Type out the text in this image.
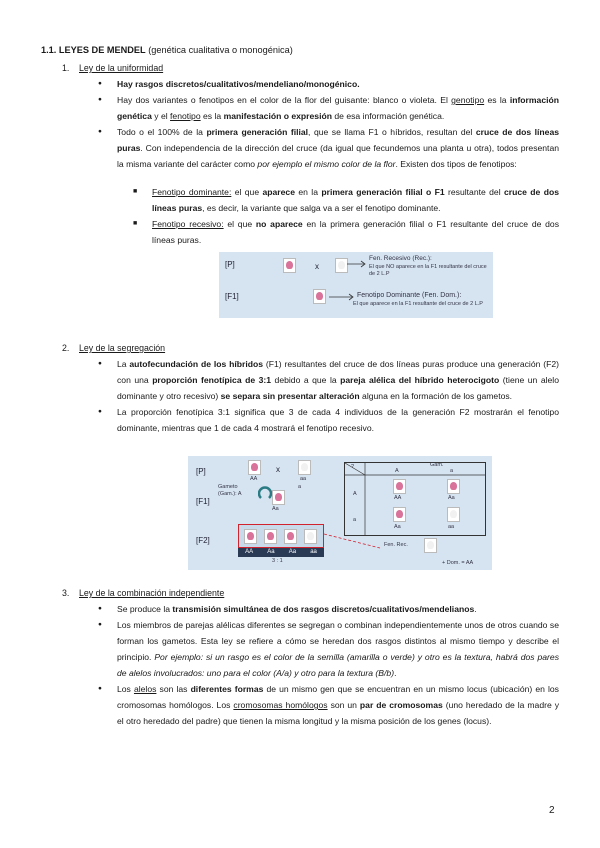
1.1. LEYES DE MENDEL (genética cualitativa o monogénica)
1. Ley de la uniformidad
● Hay rasgos discretos/cualitativos/mendeliano/monogénico.
● Hay dos variantes o fenotipos en el color de la flor del guisante: blanco o violeta. El genotipo es la información genética y el fenotipo es la manifestación o expresión de esa información genética.
● Todo o el 100% de la primera generación filial, que se llama F1 o híbridos, resultan del cruce de dos líneas puras. Con independencia de la dirección del cruce (da igual que fecundemos una planta u otra), todos presentan la misma variante del carácter como por ejemplo el mismo color de la flor. Existen dos tipos de fenotipos:
■ Fenotipo dominante: el que aparece en la primera generación filial o F1 resultante del cruce de dos líneas puras, es decir, la variante que salga va a ser el fenotipo dominante.
■ Fenotipo recesivo: el que no aparece en la primera generación filial o F1 resultante del cruce de dos líneas puras.
[P]
[F1]
x
Fen. Recesivo (Rec.):
El que NO aparece en la F1 resultante del cruce de 2 L.P
Fenotipo Dominante (Fen. Dom.):
El que aparece en la F1 resultante del cruce de 2 L.P
2. Ley de la segregación
● La autofecundación de los híbridos (F1) resultantes del cruce de dos líneas puras produce una generación (F2) con una proporción fenotípica de 3:1 debido a que la pareja alélica del híbrido heterocigoto (tiene un alelo dominante y otro recesivo) se separa sin presentar alteración alguna en la formación de los gametos.
● La proporción fenotípica 3:1 significa que 3 de cada 4 individuos de la generación F2 mostrarán el fenotipo dominante, mientras que 1 de cada 4 mostrará el fenotipo recesivo.
[P]
[F1]
[F2]
AA
x
aa
Gameto (Gam.): A
a
Aa
AA Aa Aa aa
3 : 1
?	Gam.
A	a
A
a
AA	Aa
Aa	aa
Fen. Rec.
+ Dom. = AA
3. Ley de la combinación independiente
● Se produce la transmisión simultánea de dos rasgos discretos/cualitativos/mendelianos.
● Los miembros de parejas alélicas diferentes se segregan o combinan independientemente unos de otros cuando se forman los gametos. Esta ley se refiere a cómo se heredan dos rasgos distintos al mismo tiempo y describe el principio. Por ejemplo: si un rasgo es el color de la semilla (amarilla o verde) y otro es la textura, habrá dos pares de alelos involucrados: uno para el color (A/a) y otro para la textura (B/b).
● Los alelos son las diferentes formas de un mismo gen que se encuentran en un mismo locus (ubicación) en los cromosomas homólogos. Los cromosomas homólogos son un par de cromosomas (uno heredado de la madre y el otro heredado del padre) que tienen la misma longitud y la misma posición de los genes (locus).
2
